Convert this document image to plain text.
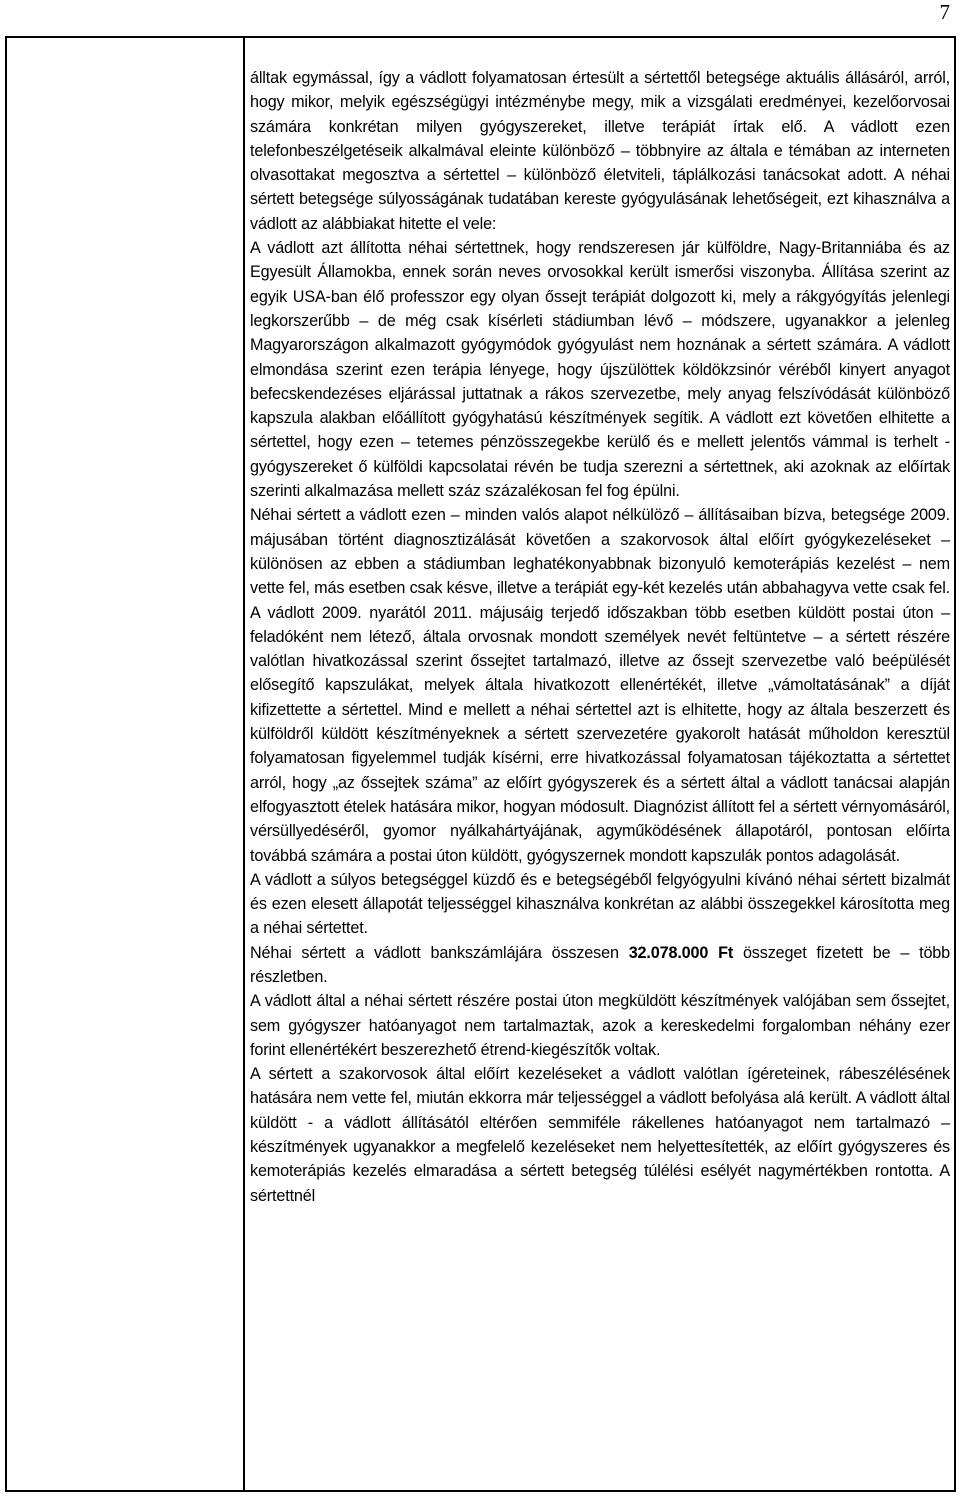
7

álltak egymással, így a vádlott folyamatosan értesült a sértettől betegsége aktuális állásáról, arról, hogy mikor, melyik egészségügyi intézménybe megy, mik a vizsgálati eredményei, kezelőorvosai számára konkrétan milyen gyógyszereket, illetve terápiát írtak elő. A vádlott ezen telefonbeszélgetéseik alkalmával eleinte különböző – többnyire az általa e témában az interneten olvasottakat megosztva a sértettel – különböző életviteli, táplálkozási tanácsokat adott. A néhai sértett betegsége súlyosságának tudatában kereste gyógyulásának lehetőségeit, ezt kihasználva a vádlott az alábbiakat hitette el vele:

A vádlott azt állította néhai sértettnek, hogy rendszeresen jár külföldre, Nagy-Britanniába és az Egyesült Államokba, ennek során neves orvosokkal került ismerősi viszonyba. Állítása szerint az egyik USA-ban élő professzor egy olyan őssejt terápiát dolgozott ki, mely a rákgyógyítás jelenlegi legkorszerűbb – de még csak kísérleti stádiumban lévő – módszere, ugyanakkor a jelenleg Magyarországon alkalmazott gyógymódok gyógyulást nem hoznának a sértett számára. A vádlott elmondása szerint ezen terápia lényege, hogy újszülöttek köldökzsinór véréből kinyert anyagot befecskendezéses eljárással juttatnak a rákos szervezetbe, mely anyag felszívódását különböző kapszula alakban előállított gyógyhatású készítmények segítik. A vádlott ezt követően elhitette a sértettel, hogy ezen – tetemes pénzösszegekbe kerülő és e mellett jelentős vámmal is terhelt - gyógyszereket ő külföldi kapcsolatai révén be tudja szerezni a sértettnek, aki azoknak az előírtak szerinti alkalmazása mellett száz százalékosan fel fog épülni.

Néhai sértett a vádlott ezen – minden valós alapot nélkülöző – állításaiban bízva, betegsége 2009. májusában történt diagnosztizálását követően a szakorvosok által előírt gyógykezeléseket – különösen az ebben a stádiumban leghatékonyabbnak bizonyuló kemoterápiás kezelést – nem vette fel, más esetben csak késve, illetve a terápiát egy-két kezelés után abbahagyva vette csak fel. A vádlott 2009. nyarától 2011. májusáig terjedő időszakban több esetben küldött postai úton – feladóként nem létező, általa orvosnak mondott személyek nevét feltüntetve – a sértett részére valótlan hivatkozással szerint őssejtet tartalmazó, illetve az őssejt szervezetbe való beépülését elősegítő kapszulákat, melyek általa hivatkozott ellenértékét, illetve „vámoltatásának” a díját kifizettette a sértettel. Mind e mellett a néhai sértettel azt is elhitette, hogy az általa beszerzett és külföldről küldött készítményeknek a sértett szervezetére gyakorolt hatását műholdon keresztül folyamatosan figyelemmel tudják kísérni, erre hivatkozással folyamatosan tájékoztatta a sértettet arról, hogy „az őssejtek száma” az előírt gyógyszerek és a sértett által a vádlott tanácsai alapján elfogyasztott ételek hatására mikor, hogyan módosult. Diagnózist állított fel a sértett vérnyomásáról, vérsüllyedéséről, gyomor nyálkahártyájának, agyműködésének állapotáról, pontosan előírta továbbá számára a postai úton küldött, gyógyszernek mondott kapszulák pontos adagolását.

A vádlott a súlyos betegséggel küzdő és e betegségéből felgyógyulni kívánó néhai sértett bizalmát és ezen elesett állapotát teljességgel kihasználva konkrétan az alábbi összegekkel károsította meg a néhai sértettet.

Néhai sértett a vádlott bankszámlájára összesen 32.078.000 Ft összeget fizetett be – több részletben.

A vádlott által a néhai sértett részére postai úton megküldött készítmények valójában sem őssejtet, sem gyógyszer hatóanyagot nem tartalmaztak, azok a kereskedelmi forgalomban néhány ezer forint ellenértékért beszerezhető étrend-kiegészítők voltak.

A sértett a szakorvosok által előírt kezeléseket a vádlott valótlan ígéreteinek, rábeszélésének hatására nem vette fel, miután ekkorra már teljességgel a vádlott befolyása alá került. A vádlott által küldött - a vádlott állításától eltérően semmiféle rákellenes hatóanyagot nem tartalmazó – készítmények ugyanakkor a megfelelő kezeléseket nem helyettesítették, az előírt gyógyszeres és kemoterápiás kezelés elmaradása a sértett betegség túlélési esélyét nagymértékben rontotta. A sértettnél
